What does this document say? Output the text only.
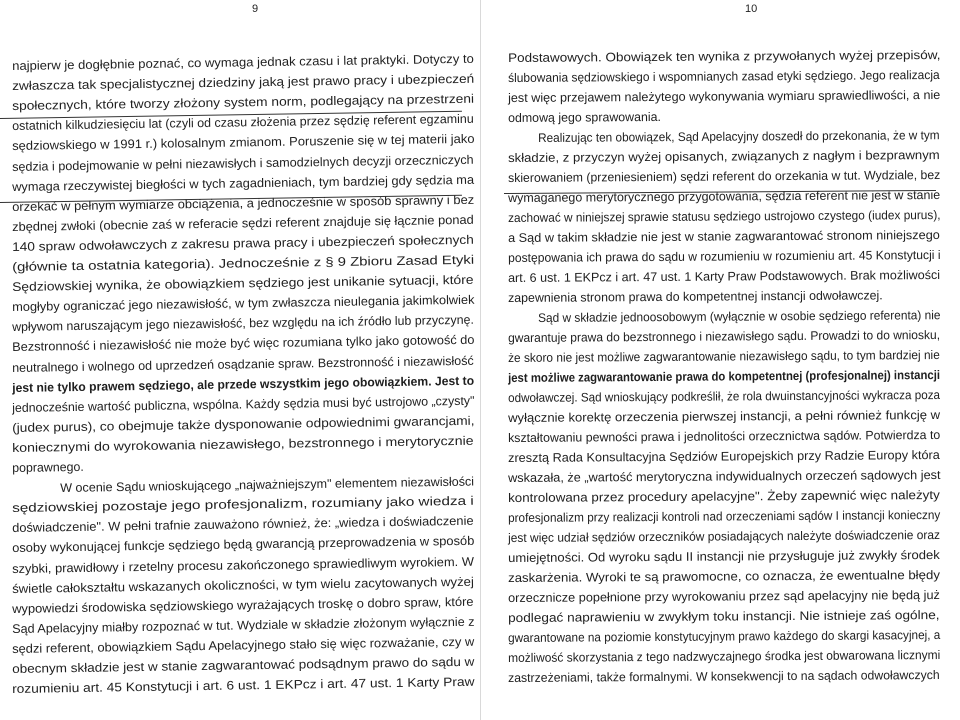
9
najpierw je dogłębnie poznać, co wymaga jednak czasu i lat praktyki. Dotyczy to
zwłaszcza tak specjalistycznej dziedziny jaką jest prawo pracy i ubezpieczeń
społecznych, które tworzy złożony system norm, podlegający na przestrzeni
ostatnich kilkudziesięciu lat (czyli od czasu złożenia przez sędzię referent egzaminu
sędziowskiego w 1991 r.) kolosalnym zmianom. Poruszenie się w tej materii jako
sędzia i podejmowanie w pełni niezawisłych i samodzielnych decyzji orzeczniczych
wymaga rzeczywistej biegłości w tych zagadnieniach, tym bardziej gdy sędzia ma
orzekać w pełnym wymiarze obciążenia, a jednocześnie w sposób sprawny i bez
zbędnej zwłoki (obecnie zaś w referacie sędzi referent znajduje się łącznie ponad
140 spraw odwoławczych z zakresu prawa pracy i ubezpieczeń społecznych
(głównie ta ostatnia kategoria). Jednocześnie z § 9 Zbioru Zasad Etyki
Sędziowskiej wynika, że obowiązkiem sędziego jest unikanie sytuacji, które
mogłyby ograniczać jego niezawisłość, w tym zwłaszcza nieulegania jakimkolwiek
wpływom naruszającym jego niezawisłość, bez względu na ich źródło lub przyczynę.
Bezstronność i niezawisłość nie może być więc rozumiana tylko jako gotowość do
neutralnego i wolnego od uprzedzeń osądzanie spraw. Bezstronność i niezawisłość
jest nie tylko prawem sędziego, ale przede wszystkim jego obowiązkiem. Jest to
jednocześnie wartość publiczna, wspólna. Każdy sędzia musi być ustrojowo „czysty"
(judex purus), co obejmuje także dysponowanie odpowiednimi gwarancjami,
koniecznymi do wyrokowania niezawisłego, bezstronnego i merytorycznie
poprawnego.
W ocenie Sądu wnioskującego „najważniejszym" elementem niezawisłości
sędziowskiej pozostaje jego profesjonalizm, rozumiany jako wiedza i
doświadczenie". W pełni trafnie zauważono również, że: „wiedza i doświadczenie
osoby wykonującej funkcje sędziego będą gwarancją przeprowadzenia w sposób
szybki, prawidłowy i rzetelny procesu zakończonego sprawiedliwym wyrokiem. W
świetle całokształtu wskazanych okoliczności, w tym wielu zacytowanych wyżej
wypowiedzi środowiska sędziowskiego wyrażających troskę o dobro spraw, które
Sąd Apelacyjny miałby rozpoznać w tut. Wydziale w składzie złożonym wyłącznie z
sędzi referent, obowiązkiem Sądu Apelacyjnego stało się więc rozważanie, czy w
obecnym składzie jest w stanie zagwarantować podsądnym prawo do sądu w
rozumieniu art. 45 Konstytucji i art. 6 ust. 1 EKPcz i art. 47 ust. 1 Karty Praw
10
Podstawowych. Obowiązek ten wynika z przywołanych wyżej przepisów,
ślubowania sędziowskiego i wspomnianych zasad etyki sędziego. Jego realizacja
jest więc przejawem należytego wykonywania wymiaru sprawiedliwości, a nie
odmową jego sprawowania.
Realizując ten obowiązek, Sąd Apelacyjny doszedł do przekonania, że w tym
składzie, z przyczyn wyżej opisanych, związanych z nagłym i bezprawnym
skierowaniem (przeniesieniem) sędzi referent do orzekania w tut. Wydziale, bez
wymaganego merytorycznego przygotowania, sędzia referent nie jest w stanie
zachować w niniejszej sprawie statusu sędziego ustrojowo czystego (iudex purus),
a Sąd w takim składzie nie jest w stanie zagwarantować stronom niniejszego
postępowania ich prawa do sądu w rozumieniu w rozumieniu art. 45 Konstytucji i
art. 6 ust. 1 EKPcz i art. 47 ust. 1 Karty Praw Podstawowych. Brak możliwości
zapewnienia stronom prawa do kompetentnej instancji odwoławczej.
Sąd w składzie jednoosobowym (wyłącznie w osobie sędziego referenta) nie
gwarantuje prawa do bezstronnego i niezawisłego sądu. Prowadzi to do wniosku,
że skoro nie jest możliwe zagwarantowanie niezawisłego sądu, to tym bardziej nie
jest możliwe zagwarantowanie prawa do kompetentnej (profesjonalnej) instancji
odwoławczej. Sąd wnioskujący podkreślił, że rola dwuinstancyjności wykracza poza
wyłącznie korektę orzeczenia pierwszej instancji, a pełni również funkcję w
kształtowaniu pewności prawa i jednolitości orzecznictwa sądów. Potwierdza to
zresztą Rada Konsultacyjna Sędziów Europejskich przy Radzie Europy która
wskazała, że „wartość merytoryczna indywidualnych orzeczeń sądowych jest
kontrolowana przez procedury apelacyjne". Żeby zapewnić więc należyty
profesjonalizm przy realizacji kontroli nad orzeczeniami sądów I instancji konieczny
jest więc udział sędziów orzeczników posiadających należyte doświadczenie oraz
umiejętności. Od wyroku sądu II instancji nie przysługuje już zwykły środek
zaskarżenia. Wyroki te są prawomocne, co oznacza, że ewentualne błędy
orzecznicze popełnione przy wyrokowaniu przez sąd apelacyjny nie będą już
podlegać naprawieniu w zwykłym toku instancji. Nie istnieje zaś ogólne,
gwarantowane na poziomie konstytucyjnym prawo każdego do skargi kasacyjnej, a
możliwość skorzystania z tego nadzwyczajnego środka jest obwarowana licznymi
zastrzeżeniami, także formalnymi. W konsekwencji to na sądach odwoławczych
